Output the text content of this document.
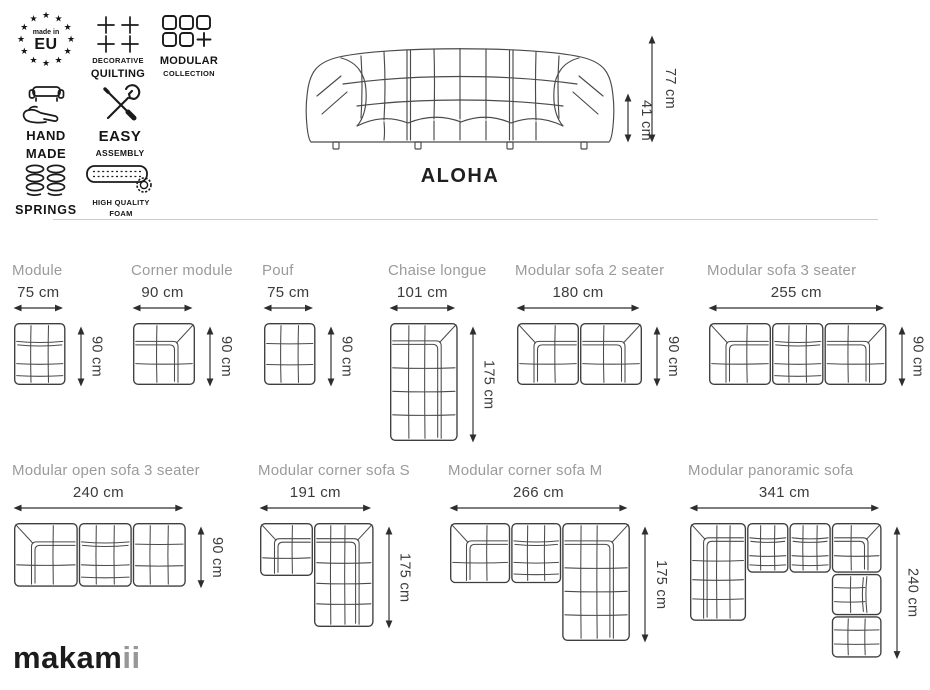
★ ★
★
★
★
★
★
★
★
★
★
★
made in
EU
DECORATIVE
QUILTING
MODULAR
COLLECTION
HAND
MADE
EASY
ASSEMBLY
SPRINGS
HIGH QUALITY
FOAM
77 cm
41 cm
ALOHA
Module
75 cm
90 cm
Corner module
90 cm
90 cm
Pouf
75 cm
90 cm
Chaise longue
101 cm
175 cm
Modular sofa 2 seater
180 cm
90 cm
Modular sofa 3 seater
255 cm
90 cm
Modular open sofa 3 seater
240 cm
90 cm
Modular corner sofa S
191 cm
175 cm
Modular corner sofa M
266 cm
175 cm
Modular panoramic sofa
341 cm
240 cm
makamii
